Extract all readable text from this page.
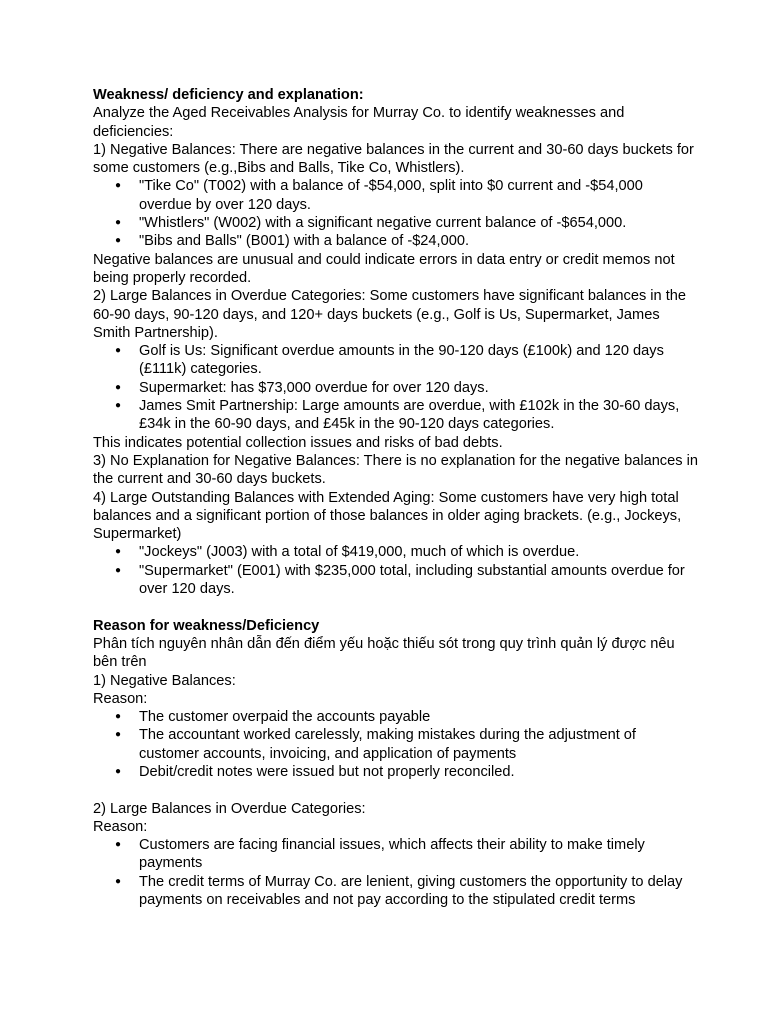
Weakness/ deficiency and explanation:

Analyze the Aged Receivables Analysis for Murray Co. to identify weaknesses and deficiencies:

1) Negative Balances: There are negative balances in the current and 30-60 days buckets for some customers (e.g.,Bibs and Balls, Tike Co, Whistlers).

● "Tike Co" (T002) with a balance of -$54,000, split into $0 current and -$54,000 overdue by over 120 days.
● "Whistlers" (W002) with a significant negative current balance of -$654,000.
● "Bibs and Balls" (B001) with a balance of -$24,000.

Negative balances are unusual and could indicate errors in data entry or credit memos not being properly recorded.

2) Large Balances in Overdue Categories: Some customers have significant balances in the 60-90 days, 90-120 days, and 120+ days buckets (e.g., Golf is Us, Supermarket, James Smith Partnership).

● Golf is Us: Significant overdue amounts in the 90-120 days (£100k) and 120 days (£111k) categories.
● Supermarket: has $73,000 overdue for over 120 days.
● James Smit Partnership: Large amounts are overdue, with £102k in the 30-60 days, £34k in the 60-90 days, and £45k in the 90-120 days categories.

This indicates potential collection issues and risks of bad debts.

3) No Explanation for Negative Balances: There is no explanation for the negative balances in the current and 30-60 days buckets.

4) Large Outstanding Balances with Extended Aging: Some customers have very high total balances and a significant portion of those balances in older aging brackets. (e.g., Jockeys, Supermarket)

● "Jockeys" (J003) with a total of $419,000, much of which is overdue.
● "Supermarket" (E001) with $235,000 total, including substantial amounts overdue for over 120 days.

Reason for weakness/Deficiency

Phân tích nguyên nhân dẫn đến điểm yếu hoặc thiếu sót trong quy trình quản lý được nêu bên trên

1) Negative Balances:

Reason:

● The customer overpaid the accounts payable
● The accountant worked carelessly, making mistakes during the adjustment of customer accounts, invoicing, and application of payments
● Debit/credit notes were issued but not properly reconciled.

2) Large Balances in Overdue Categories:

Reason:

● Customers are facing financial issues, which affects their ability to make timely payments
● The credit terms of Murray Co. are lenient, giving customers the opportunity to delay payments on receivables and not pay according to the stipulated credit terms
